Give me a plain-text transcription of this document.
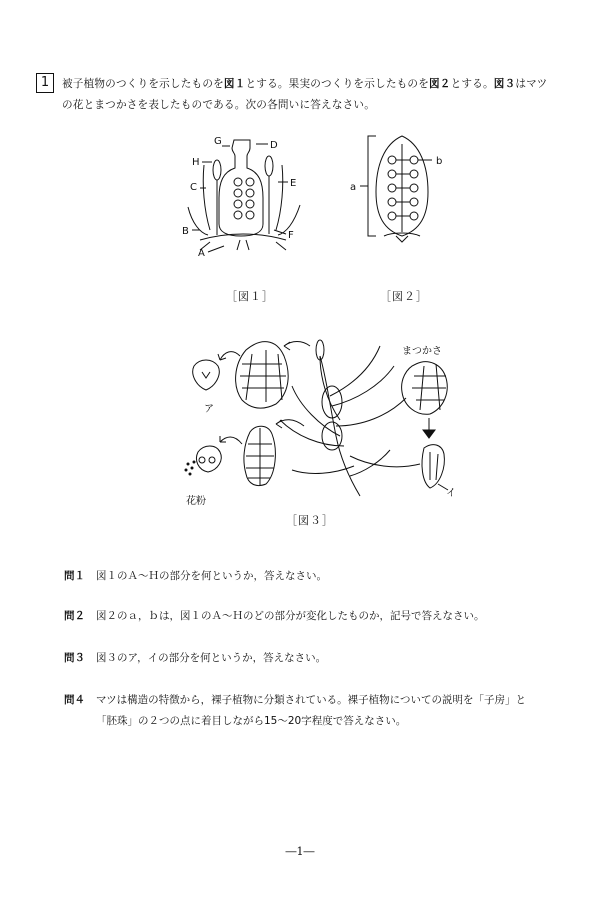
1	被子植物のつくりを示したものを図１とする。果実のつくりを示したものを図２とする。図３はマツ
の花とまつかさを表したものである。次の各問いに答えなさい。
G	D
H
C	E
B	F
A
［図１］
a
b
［図２］
まつかさ
ア
イ
花粉
［図３］
問１ 図１のＡ～Ｈの部分を何というか，答えなさい。
問２ 図２のａ，ｂは，図１のＡ～Ｈのどの部分が変化したものか，記号で答えなさい。
問３ 図３のア，イの部分を何というか，答えなさい。
問４ マツは構造の特徴から，裸子植物に分類されている。裸子植物についての説明を「子房」と
「胚珠」の２つの点に着目しながら15～20字程度で答えなさい。
―1―
